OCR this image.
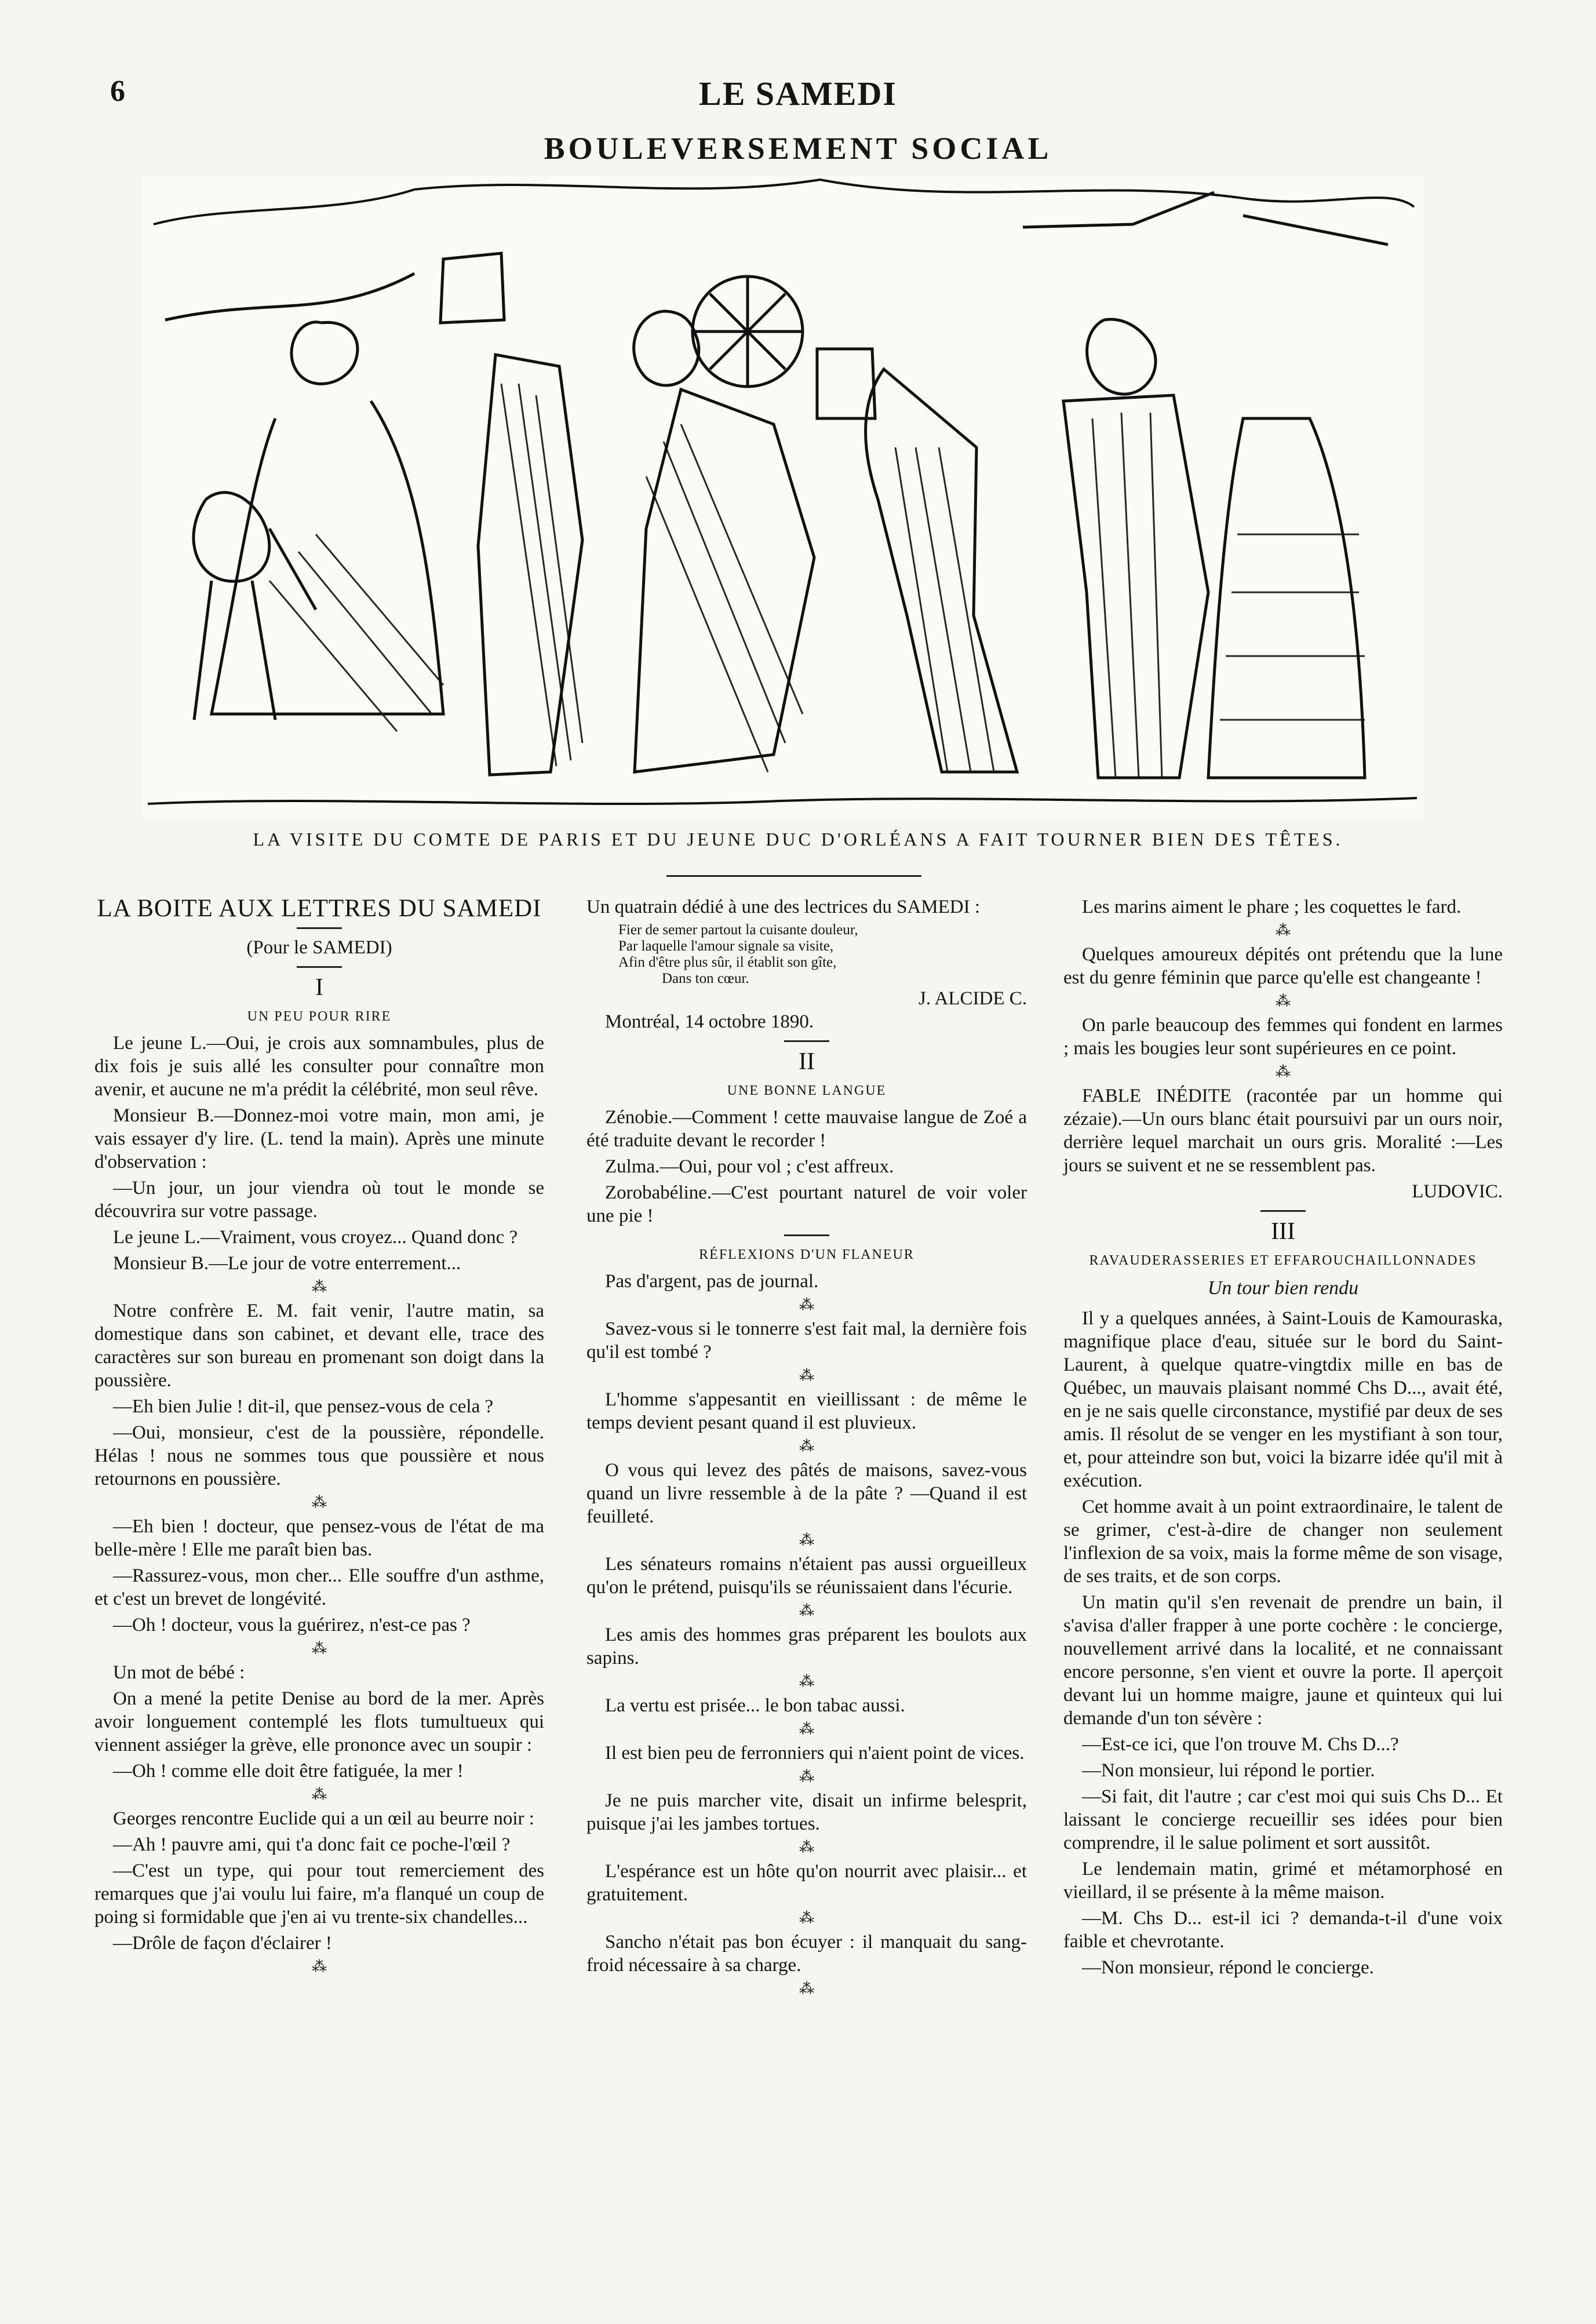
6	LE SAMEDI
BOULEVERSEMENT SOCIAL
LA VISITE DU COMTE DE PARIS ET DU JEUNE DUC D'ORLÉANS A FAIT TOURNER BIEN DES TÊTES.
LA BOITE AUX LETTRES DU SAMEDI
(Pour le SAMEDI)
I
UN PEU POUR RIRE

Le jeune L.—Oui, je crois aux somnambules, plus de dix fois je suis allé les consulter pour connaître mon avenir, et aucune ne m'a prédit la célébrité, mon seul rêve.

Monsieur B.—Donnez-moi votre main, mon ami, je vais essayer d'y lire. (L. tend la main). Après une minute d'observation :

—Un jour, un jour viendra où tout le monde se découvrira sur votre passage.

Le jeune L.—Vraiment, vous croyez... Quand donc ?

Monsieur B.—Le jour de votre enterrement...

⁂

Notre confrère E. M. fait venir, l'autre matin, sa domestique dans son cabinet, et devant elle, trace des caractères sur son bureau en promenant son doigt dans la poussière.

—Eh bien Julie ! dit-il, que pensez-vous de cela ?

—Oui, monsieur, c'est de la poussière, répondelle. Hélas ! nous ne sommes tous que poussière et nous retournons en poussière.

⁂

—Eh bien ! docteur, que pensez-vous de l'état de ma belle-mère ! Elle me paraît bien bas.

—Rassurez-vous, mon cher... Elle souffre d'un asthme, et c'est un brevet de longévité.

—Oh ! docteur, vous la guérirez, n'est-ce pas ?

⁂

Un mot de bébé :

On a mené la petite Denise au bord de la mer. Après avoir longuement contemplé les flots tumultueux qui viennent assiéger la grève, elle prononce avec un soupir :

—Oh ! comme elle doit être fatiguée, la mer !

⁂

Georges rencontre Euclide qui a un œil au beurre noir :

—Ah ! pauvre ami, qui t'a donc fait ce poche-l'œil ?

—C'est un type, qui pour tout remerciement des remarques que j'ai voulu lui faire, m'a flanqué un coup de poing si formidable que j'en ai vu trente-six chandelles...

—Drôle de façon d'éclairer !

⁂

Un quatrain dédié à une des lectrices du SAMEDI :

Fier de semer partout la cuisante douleur,
Par laquelle l'amour signale sa visite,
Afin d'être plus sûr, il établit son gîte,
Dans ton cœur.
J. ALCIDE C.
Montréal, 14 octobre 1890.
II
UNE BONNE LANGUE

Zénobie.—Comment ! cette mauvaise langue de Zoé a été traduite devant le recorder !

Zulma.—Oui, pour vol ; c'est affreux.

Zorobabéline.—C'est pourtant naturel de voir voler une pie !

RÉFLEXIONS D'UN FLANEUR

Pas d'argent, pas de journal.

⁂

Savez-vous si le tonnerre s'est fait mal, la dernière fois qu'il est tombé ?

⁂

L'homme s'appesantit en vieillissant : de même le temps devient pesant quand il est pluvieux.

⁂

O vous qui levez des pâtés de maisons, savez-vous quand un livre ressemble à de la pâte ? —Quand il est feuilleté.

⁂

Les sénateurs romains n'étaient pas aussi orgueilleux qu'on le prétend, puisqu'ils se réunissaient dans l'écurie.

⁂

Les amis des hommes gras préparent les boulots aux sapins.

⁂

La vertu est prisée... le bon tabac aussi.

⁂

Il est bien peu de ferronniers qui n'aient point de vices.

⁂

Je ne puis marcher vite, disait un infirme belesprit, puisque j'ai les jambes tortues.

⁂

L'espérance est un hôte qu'on nourrit avec plaisir... et gratuitement.

⁂

Sancho n'était pas bon écuyer : il manquait du sang-froid nécessaire à sa charge.

⁂

Les marins aiment le phare ; les coquettes le fard.

⁂

Quelques amoureux dépités ont prétendu que la lune est du genre féminin que parce qu'elle est changeante !

⁂

On parle beaucoup des femmes qui fondent en larmes ; mais les bougies leur sont supérieures en ce point.

⁂

FABLE INÉDITE (racontée par un homme qui zézaie).—Un ours blanc était poursuivi par un ours noir, derrière lequel marchait un ours gris. Moralité :—Les jours se suivent et ne se ressemblent pas.

LUDOVIC.
III
RAVAUDERASSERIES ET EFFAROUCHAILLONNADES
Un tour bien rendu

Il y a quelques années, à Saint-Louis de Kamouraska, magnifique place d'eau, située sur le bord du Saint-Laurent, à quelque quatre-vingtdix mille en bas de Québec, un mauvais plaisant nommé Chs D..., avait été, en je ne sais quelle circonstance, mystifié par deux de ses amis. Il résolut de se venger en les mystifiant à son tour, et, pour atteindre son but, voici la bizarre idée qu'il mit à exécution.

Cet homme avait à un point extraordinaire, le talent de se grimer, c'est-à-dire de changer non seulement l'inflexion de sa voix, mais la forme même de son visage, de ses traits, et de son corps.

Un matin qu'il s'en revenait de prendre un bain, il s'avisa d'aller frapper à une porte cochère : le concierge, nouvellement arrivé dans la localité, et ne connaissant encore personne, s'en vient et ouvre la porte. Il aperçoit devant lui un homme maigre, jaune et quinteux qui lui demande d'un ton sévère :

—Est-ce ici, que l'on trouve M. Chs D...?

—Non monsieur, lui répond le portier.

—Si fait, dit l'autre ; car c'est moi qui suis Chs D... Et laissant le concierge recueillir ses idées pour bien comprendre, il le salue poliment et sort aussitôt.

Le lendemain matin, grimé et métamorphosé en vieillard, il se présente à la même maison.

—M. Chs D... est-il ici ? demanda-t-il d'une voix faible et chevrotante.

—Non monsieur, répond le concierge.
